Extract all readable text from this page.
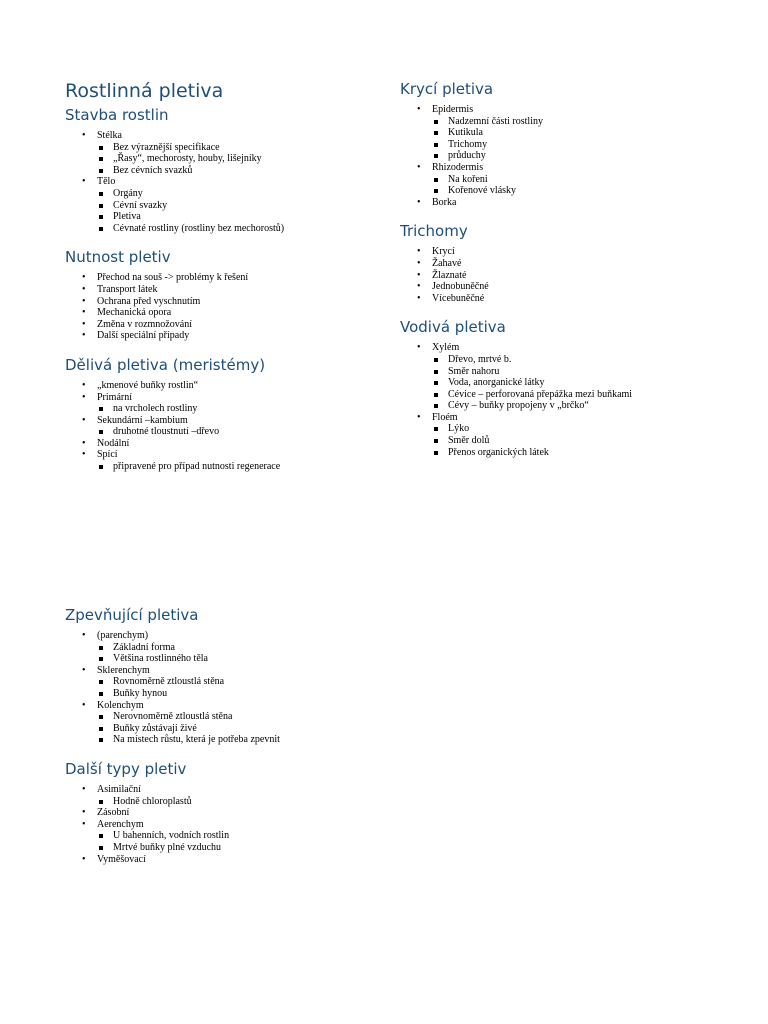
Rostlinná pletiva
Stavba rostlin
• Stélka
Bez výraznější specifikace
„Řasy“, mechorosty, houby, lišejníky
Bez cévních svazků
• Tělo
Orgány
Cévní svazky
Pletiva
Cévnaté rostliny (rostliny bez mechorostů)
Nutnost pletiv
• Přechod na souš -> problémy k řešení
• Transport látek
• Ochrana před vyschnutím
• Mechanická opora
• Změna v rozmnožování
• Další speciální případy
Dělivá pletiva (meristémy)
• „kmenové buňky rostlin“
• Primární
na vrcholech rostliny
• Sekundární –kambium
druhotné tloustnutí –dřevo
• Nodální
• Spící
připravené pro případ nutnosti regenerace
Krycí pletiva
• Epidermis
Nadzemní části rostliny
Kutikula
Trichomy
průduchy
• Rhizodermis
Na kořeni
Kořenové vlásky
• Borka
Trichomy
• Krycí
• Žahavé
• Žlaznaté
• Jednobuněčné
• Vícebuněčné
Vodivá pletiva
• Xylém
Dřevo, mrtvé b.
Směr nahoru
Voda, anorganické látky
Cévice – perforovaná přepážka mezi buňkami
Cévy – buňky propojeny v „brčko“
• Floém
Lýko
Směr dolů
Přenos organických látek
Zpevňující pletiva
• (parenchym)
Základní forma
Většina rostlinného těla
• Sklerenchym
Rovnoměrně ztloustlá stěna
Buňky hynou
• Kolenchym
Nerovnoměrně ztloustlá stěna
Buňky zůstávají živé
Na místech růstu, která je potřeba zpevnit
Další typy pletiv
• Asimilační
Hodně chloroplastů
• Zásobní
• Aerenchym
U bahenních, vodních rostlin
Mrtvé buňky plné vzduchu
• Vyměšovací
